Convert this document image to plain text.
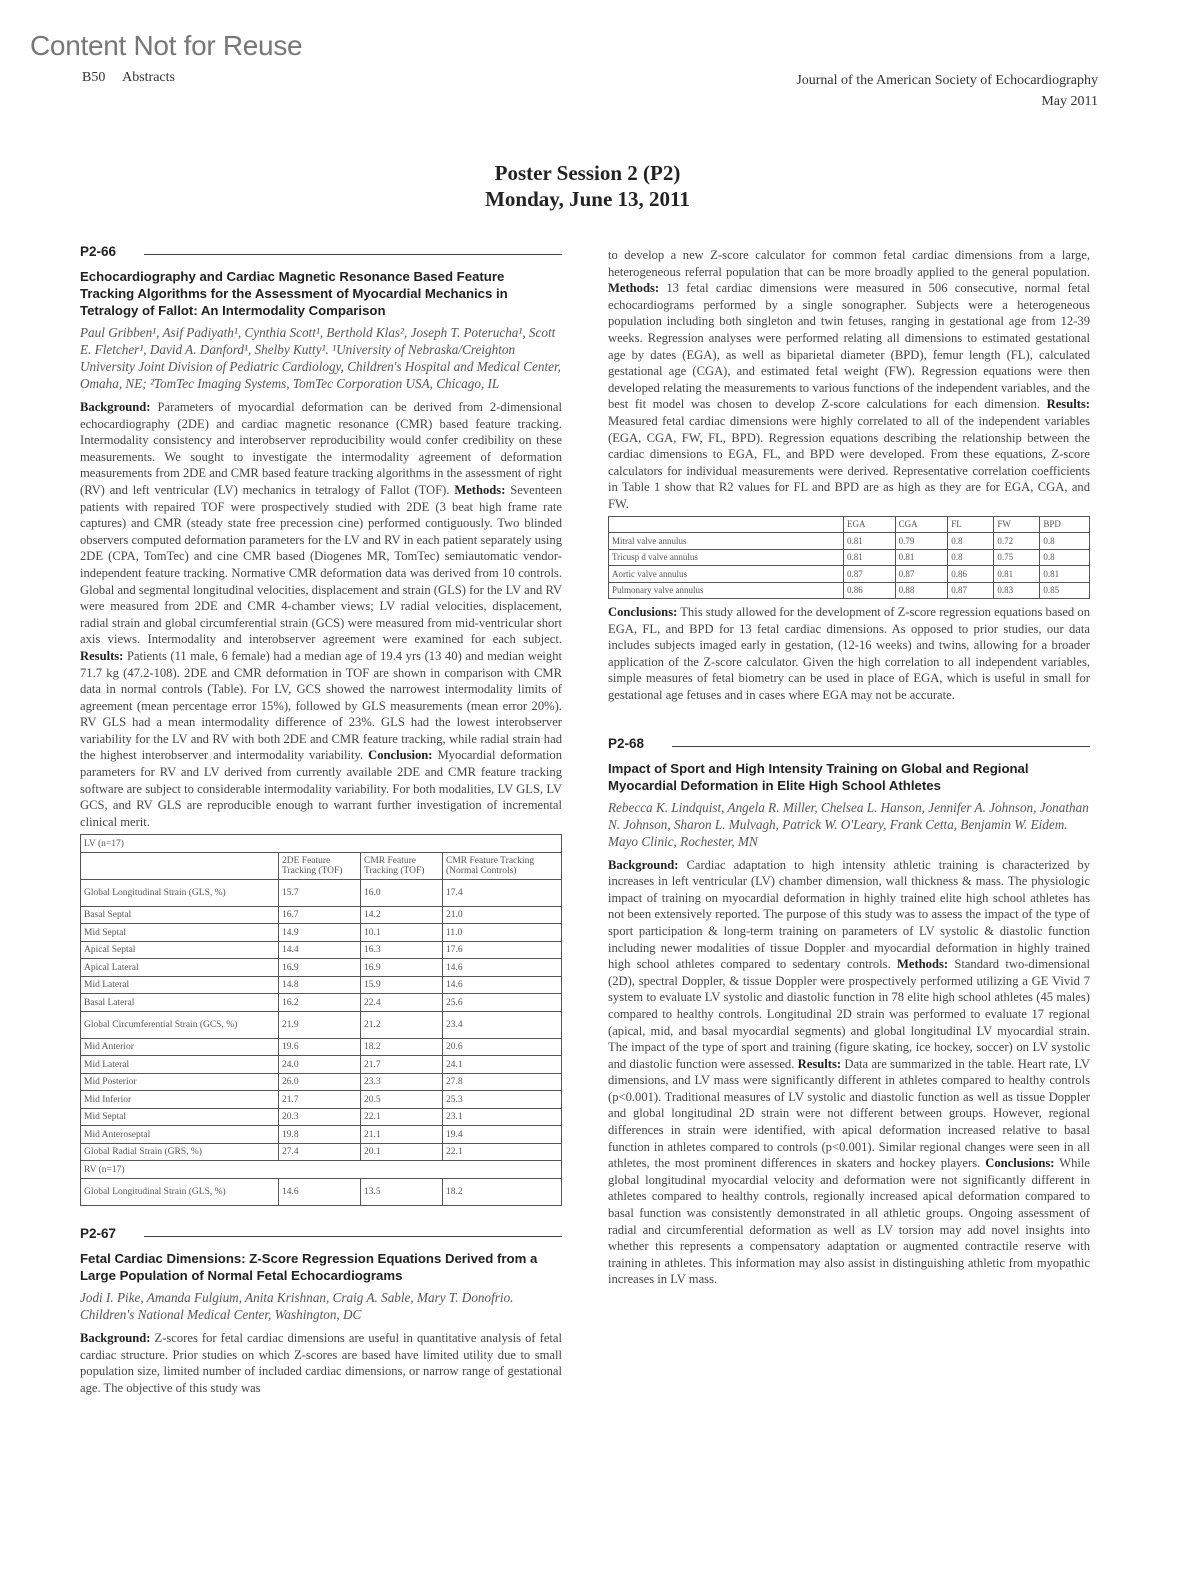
Content Not for Reuse
B50 Abstracts	Journal of the American Society of Echocardiography
May 2011
Poster Session 2 (P2)
Monday, June 13, 2011
P2-66
Echocardiography and Cardiac Magnetic Resonance Based Feature Tracking Algorithms for the Assessment of Myocardial Mechanics in Tetralogy of Fallot: An Intermodality Comparison
Paul Gribben¹, Asif Padiyath¹, Cynthia Scott¹, Berthold Klas², Joseph T. Poterucha¹, Scott E. Fletcher¹, David A. Danford¹, Shelby Kutty¹. ¹University of Nebraska/Creighton University Joint Division of Pediatric Cardiology, Children's Hospital and Medical Center, Omaha, NE; ²TomTec Imaging Systems, TomTec Corporation USA, Chicago, IL

Background: Parameters of myocardial deformation can be derived from 2-dimensional echocardiography (2DE) and cardiac magnetic resonance (CMR) based feature tracking. Intermodality consistency and interobserver reproducibility would confer credibility on these measurements. We sought to investigate the intermodality agreement of deformation measurements from 2DE and CMR based feature tracking algorithms in the assessment of right (RV) and left ventricular (LV) mechanics in tetralogy of Fallot (TOF). Methods: Seventeen patients with repaired TOF were prospectively studied with 2DE (3 beat high frame rate captures) and CMR (steady state free precession cine) performed contiguously. Two blinded observers computed deformation parameters for the LV and RV in each patient separately using 2DE (CPA, TomTec) and cine CMR based (Diogenes MR, TomTec) semiautomatic vendor-independent feature tracking. Normative CMR deformation data was derived from 10 controls. Global and segmental longitudinal velocities, displacement and strain (GLS) for the LV and RV were measured from 2DE and CMR 4-chamber views; LV radial velocities, displacement, radial strain and global circumferential strain (GCS) were measured from mid-ventricular short axis views. Intermodality and interobserver agreement were examined for each subject. Results: Patients (11 male, 6 female) had a median age of 19.4 yrs (13 40) and median weight 71.7 kg (47.2-108). 2DE and CMR deformation in TOF are shown in comparison with CMR data in normal controls (Table). For LV, GCS showed the narrowest intermodality limits of agreement (mean percentage error 15%), followed by GLS measurements (mean error 20%). RV GLS had a mean intermodality difference of 23%. GLS had the lowest interobserver variability for the LV and RV with both 2DE and CMR feature tracking, while radial strain had the highest interobserver and intermodality variability. Conclusion: Myocardial deformation parameters for RV and LV derived from currently available 2DE and CMR feature tracking software are subject to considerable intermodality variability. For both modalities, LV GLS, LV GCS, and RV GLS are reproducible enough to warrant further investigation of incremental clinical merit.

LV (n=17)			
	2DE Feature Tracking (TOF)	CMR Feature Tracking (TOF)	CMR Feature Tracking (Normal Controls)
Global Longitudinal Strain (GLS, %)	15.7	16.0	17.4
Basal Septal	16.7	14.2	21.0
Mid Septal	14.9	10.1	11.0
Apical Septal	14.4	16.3	17.6
Apical Lateral	16.9	16.9	14.6
Mid Lateral	14.8	15.9	14.6
Basal Lateral	16.2	22.4	25.6
Global Circumferential Strain (GCS, %)	21.9	21.2	23.4
Mid Anterior	19.6	18.2	20.6
Mid Lateral	24.0	21.7	24.1
Mid Posterior	26.0	23.3	27.8
Mid Inferior	21.7	20.5	25.3
Mid Septal	20.3	22.1	23.1
Mid Anteroseptal	19.8	21.1	19.4
Global Radial Strain (GRS, %)	27.4	20.1	22.1
RV (n=17)			
Global Longitudinal Strain (GLS, %)	14.6	13.5	18.2
P2-67
Fetal Cardiac Dimensions: Z-Score Regression Equations Derived from a Large Population of Normal Fetal Echocardiograms
Jodi I. Pike, Amanda Fulgium, Anita Krishnan, Craig A. Sable, Mary T. Donofrio. Children's National Medical Center, Washington, DC

Background: Z-scores for fetal cardiac dimensions are useful in quantitative analysis of fetal cardiac structure. Prior studies on which Z-scores are based have limited utility due to small population size, limited number of included cardiac dimensions, or narrow range of gestational age. The objective of this study was

to develop a new Z-score calculator for common fetal cardiac dimensions from a large, heterogeneous referral population that can be more broadly applied to the general population. Methods: 13 fetal cardiac dimensions were measured in 506 consecutive, normal fetal echocardiograms performed by a single sonographer. Subjects were a heterogeneous population including both singleton and twin fetuses, ranging in gestational age from 12-39 weeks. Regression analyses were performed relating all dimensions to estimated gestational age by dates (EGA), as well as biparietal diameter (BPD), femur length (FL), calculated gestational age (CGA), and estimated fetal weight (FW). Regression equations were then developed relating the measurements to various functions of the independent variables, and the best fit model was chosen to develop Z-score calculations for each dimension. Results: Measured fetal cardiac dimensions were highly correlated to all of the independent variables (EGA, CGA, FW, FL, BPD). Regression equations describing the relationship between the cardiac dimensions to EGA, FL, and BPD were developed. From these equations, Z-score calculators for individual measurements were derived. Representative correlation coefficients in Table 1 show that R2 values for FL and BPD are as high as they are for EGA, CGA, and FW.

	EGA	CGA	FL	FW	BPD
Mitral valve annulus	0.81	0.79	0.8	0.72	0.8
Tricusp d valve annulus	0.81	0.81	0.8	0.75	0.8
Aortic valve annulus	0.87	0.87	0.86	0.81	0.81
Pulmonary valve annulus	0.86	0.88	0.87	0.83	0.85

Conclusions: This study allowed for the development of Z-score regression equations based on EGA, FL, and BPD for 13 fetal cardiac dimensions. As opposed to prior studies, our data includes subjects imaged early in gestation, (12-16 weeks) and twins, allowing for a broader application of the Z-score calculator. Given the high correlation to all independent variables, simple measures of fetal biometry can be used in place of EGA, which is useful in small for gestational age fetuses and in cases where EGA may not be accurate.

P2-68
Impact of Sport and High Intensity Training on Global and Regional Myocardial Deformation in Elite High School Athletes
Rebecca K. Lindquist, Angela R. Miller, Chelsea L. Hanson, Jennifer A. Johnson, Jonathan N. Johnson, Sharon L. Mulvagh, Patrick W. O'Leary, Frank Cetta, Benjamin W. Eidem. Mayo Clinic, Rochester, MN

Background: Cardiac adaptation to high intensity athletic training is characterized by increases in left ventricular (LV) chamber dimension, wall thickness & mass. The physiologic impact of training on myocardial deformation in highly trained elite high school athletes has not been extensively reported. The purpose of this study was to assess the impact of the type of sport participation & long-term training on parameters of LV systolic & diastolic function including newer modalities of tissue Doppler and myocardial deformation in highly trained high school athletes compared to sedentary controls. Methods: Standard two-dimensional (2D), spectral Doppler, & tissue Doppler were prospectively performed utilizing a GE Vivid 7 system to evaluate LV systolic and diastolic function in 78 elite high school athletes (45 males) compared to healthy controls. Longitudinal 2D strain was performed to evaluate 17 regional (apical, mid, and basal myocardial segments) and global longitudinal LV myocardial strain. The impact of the type of sport and training (figure skating, ice hockey, soccer) on LV systolic and diastolic function were assessed. Results: Data are summarized in the table. Heart rate, LV dimensions, and LV mass were significantly different in athletes compared to healthy controls (p<0.001). Traditional measures of LV systolic and diastolic function as well as tissue Doppler and global longitudinal 2D strain were not different between groups. However, regional differences in strain were identified, with apical deformation increased relative to basal function in athletes compared to controls (p<0.001). Similar regional changes were seen in all athletes, the most prominent differences in skaters and hockey players. Conclusions: While global longitudinal myocardial velocity and deformation were not significantly different in athletes compared to healthy controls, regionally increased apical deformation compared to basal function was consistently demonstrated in all athletic groups. Ongoing assessment of radial and circumferential deformation as well as LV torsion may add novel insights into whether this represents a compensatory adaptation or augmented contractile reserve with training in athletes. This information may also assist in distinguishing athletic from myopathic increases in LV mass.
